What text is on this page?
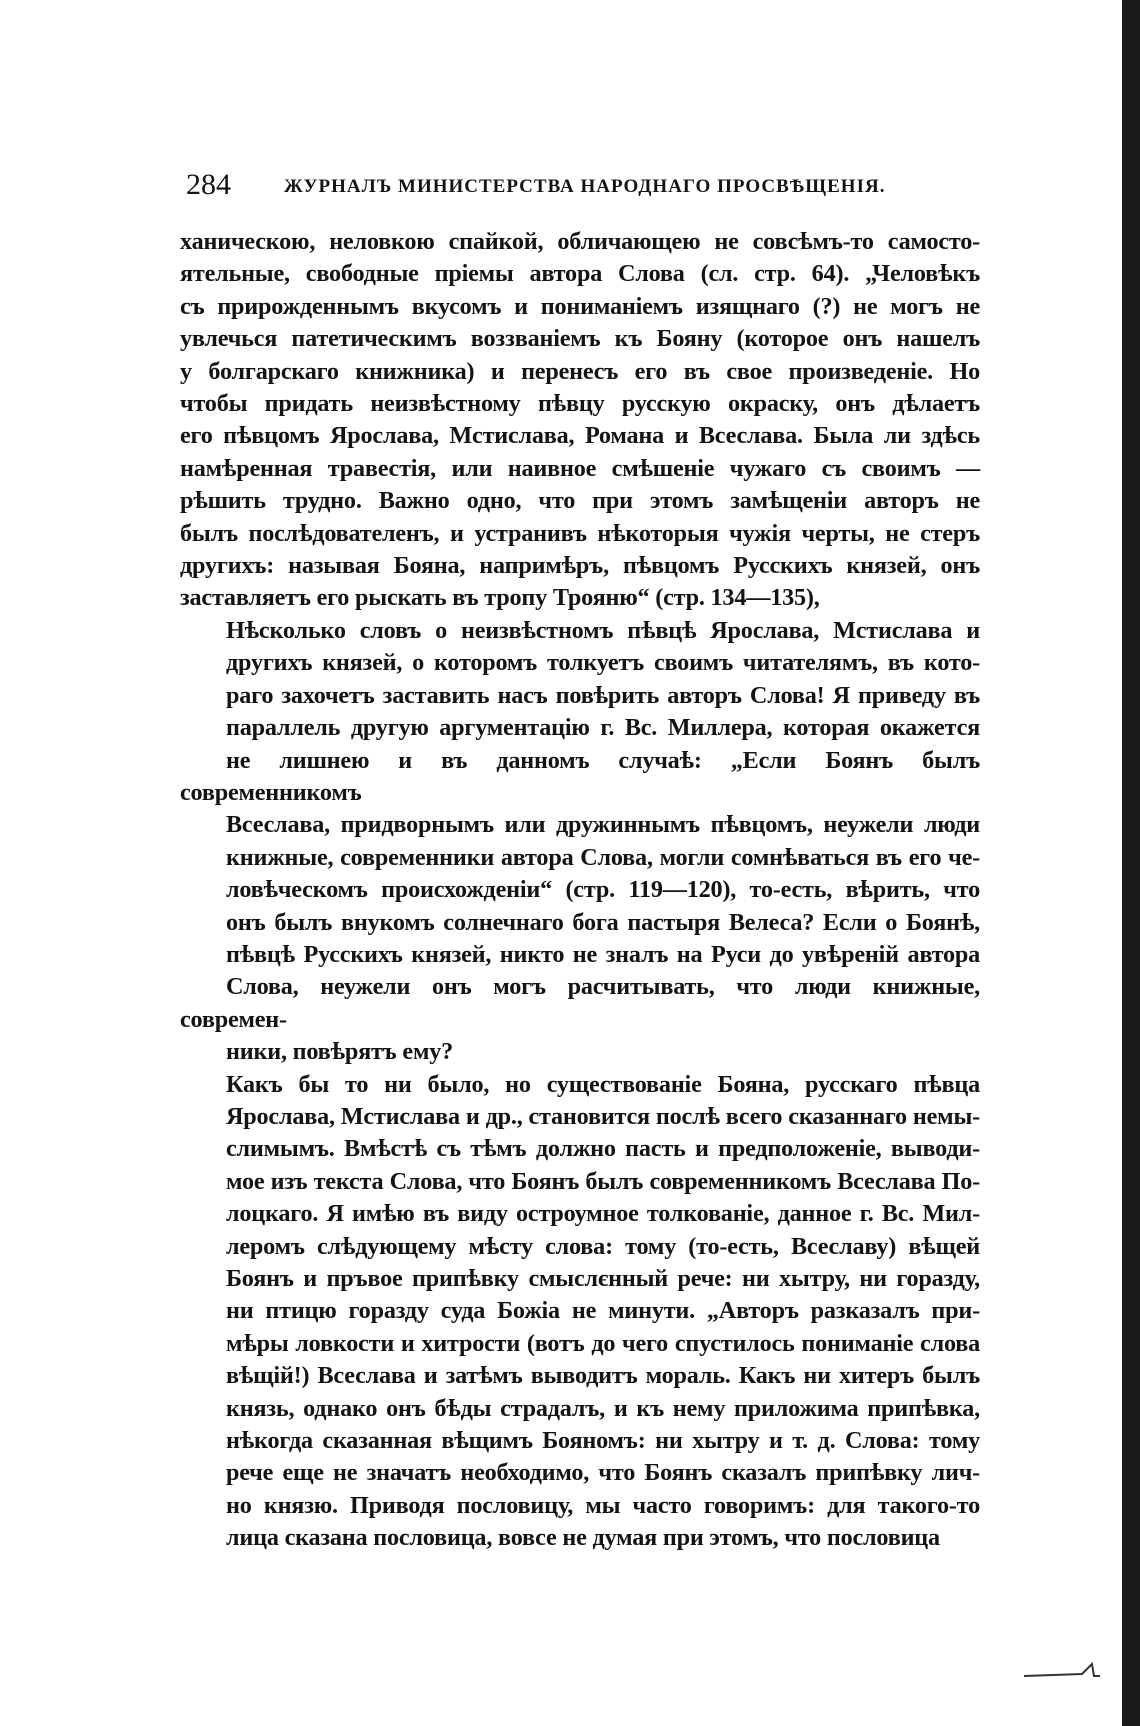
284	ЖУРНАЛЪ МИНИСТЕРСТВА НАРОДНАГО ПРОСВѢЩЕНІЯ.
ханическою, неловкою спайкой, обличающею не совсѣмъ-то самосто-
ятельные, свободные пріемы автора Слова (сл. стр. 64). „Человѣкъ
съ прирожденнымъ вкусомъ и пониманіемъ изящнаго (?) не могъ не
увлечься патетическимъ воззваніемъ къ Бояну (которое онъ нашелъ
у болгарскаго книжника) и перенесъ его въ свое произведеніе. Но
чтобы придать неизвѣстному пѣвцу русскую окраску, онъ дѣлаетъ
его пѣвцомъ Ярослава, Мстислава, Романа и Всеслава. Была ли здѣсь
намѣренная травестія, или наивное смѣшеніе чужаго съ своимъ —
рѣшить трудно. Важно одно, что при этомъ замѣщеніи авторъ не
былъ послѣдователенъ, и устранивъ нѣкоторыя чужія черты, не стеръ
другихъ: называя Бояна, напримѣръ, пѣвцомъ Русскихъ князей, онъ
заставляетъ его рыскать въ тропу Трояню“ (стр. 134—135),
Нѣсколько словъ о неизвѣстномъ пѣвцѣ Ярослава, Мстислава и
другихъ князей, о которомъ толкуетъ своимъ читателямъ, въ кото-
раго захочетъ заставить насъ повѣрить авторъ Слова! Я приведу въ
параллель другую аргументацію г. Вс. Миллера, которая окажется
не лишнею и въ данномъ случаѣ: „Если Боянъ былъ современникомъ
Всеслава, придворнымъ или дружиннымъ пѣвцомъ, неужели люди
книжные, современники автора Слова, могли сомнѣваться въ его че-
ловѣческомъ происхожденіи“ (стр. 119—120), то-есть, вѣрить, что
онъ былъ внукомъ солнечнаго бога пастыря Велеса? Если о Боянѣ,
пѣвцѣ Русскихъ князей, никто не зналъ на Руси до увѣреній автора
Слова, неужели онъ могъ расчитывать, что люди книжные, современ-
ники, повѣрятъ ему?
Какъ бы то ни было, но существованіе Бояна, русскаго пѣвца
Ярослава, Мстислава и др., становится послѣ всего сказаннаго немы-
слимымъ. Вмѣстѣ съ тѣмъ должно пасть и предположеніе, выводи-
мое изъ текста Слова, что Боянъ былъ современникомъ Всеслава По-
лоцкаго. Я имѣю въ виду остроумное толкованіе, данное г. Вс. Мил-
леромъ слѣдующему мѣсту слова: тому (то-есть, Всеславу) вѣщей
Боянъ и пръвое припѣвку смыслєнный рече: ни хытру, ни горазду,
ни птицю горазду суда Божіа не минути. „Авторъ разказалъ при-
мѣры ловкости и хитрости (вотъ до чего спустилось пониманіе слова
вѣщій!) Всеслава и затѣмъ выводитъ мораль. Какъ ни хитеръ былъ
князь, однако онъ бѣды страдалъ, и къ нему приложима припѣвка,
нѣкогда сказанная вѣщимъ Бояномъ: ни хытру и т. д. Слова: тому
рече еще не значатъ необходимо, что Боянъ сказалъ припѣвку лич-
но князю. Приводя пословицу, мы часто говоримъ: для такого-то
лица сказана пословица, вовсе не думая при этомъ, что пословица
